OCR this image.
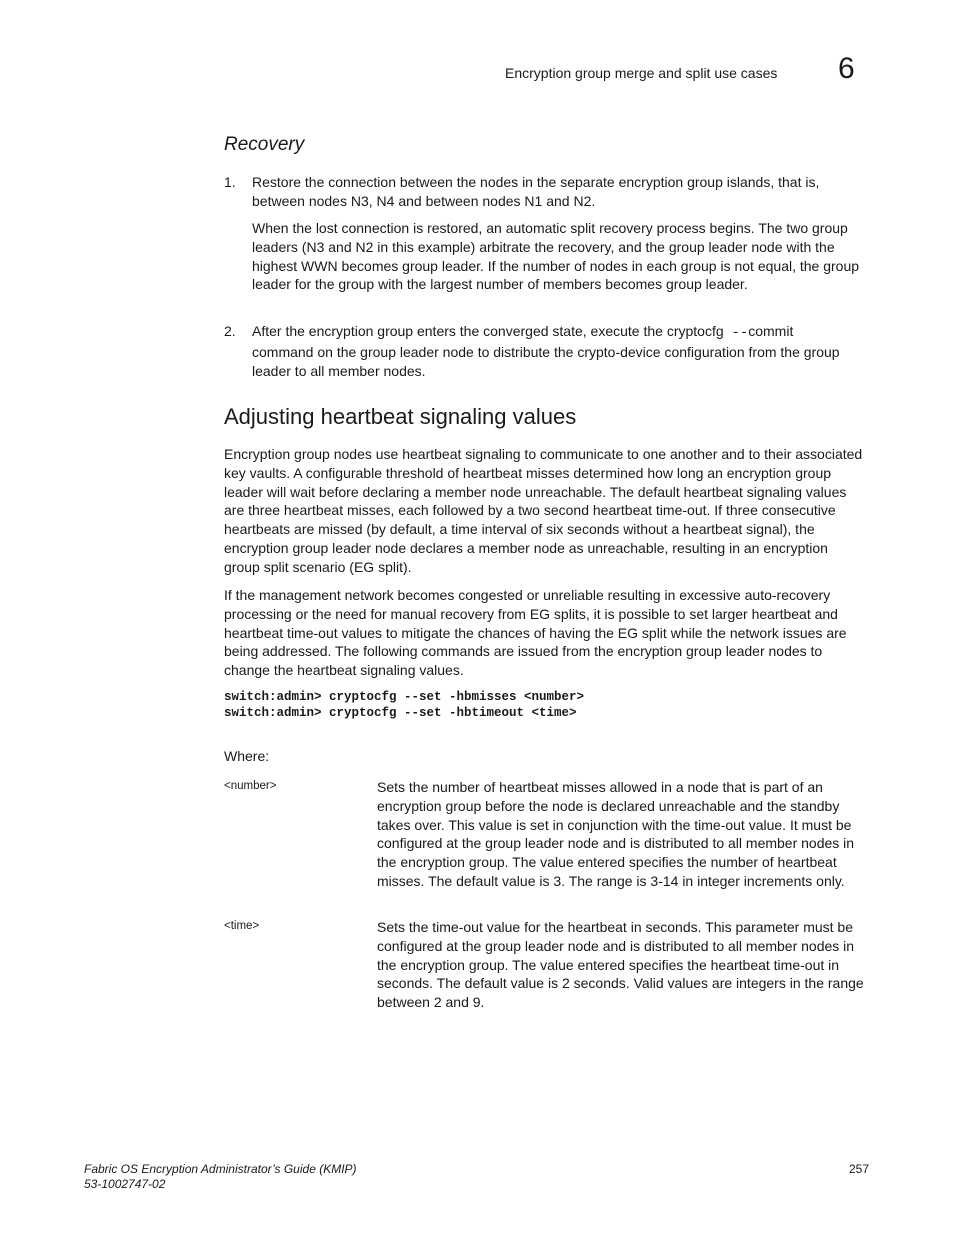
Encryption group merge and split use cases 6
Recovery
1. Restore the connection between the nodes in the separate encryption group islands, that is, between nodes N3, N4 and between nodes N1 and N2.

When the lost connection is restored, an automatic split recovery process begins. The two group leaders (N3 and N2 in this example) arbitrate the recovery, and the group leader node with the highest WWN becomes group leader. If the number of nodes in each group is not equal, the group leader for the group with the largest number of members becomes group leader.

2. After the encryption group enters the converged state, execute the cryptocfg --commit
command on the group leader node to distribute the crypto-device configuration from the group leader to all member nodes.

Adjusting heartbeat signaling values

Encryption group nodes use heartbeat signaling to communicate to one another and to their associated key vaults. A configurable threshold of heartbeat misses determined how long an encryption group leader will wait before declaring a member node unreachable. The default heartbeat signaling values are three heartbeat misses, each followed by a two second heartbeat time-out. If three consecutive heartbeats are missed (by default, a time interval of six seconds without a heartbeat signal), the encryption group leader node declares a member node as unreachable, resulting in an encryption group split scenario (EG split).

If the management network becomes congested or unreliable resulting in excessive auto-recovery processing or the need for manual recovery from EG splits, it is possible to set larger heartbeat and heartbeat time-out values to mitigate the chances of having the EG split while the network issues are being addressed. The following commands are issued from the encryption group leader nodes to change the heartbeat signaling values.

switch:admin> cryptocfg --set -hbmisses <number>
switch:admin> cryptocfg --set -hbtimeout <time>
Where:
<number>	Sets the number of heartbeat misses allowed in a node that is part of an encryption group before the node is declared unreachable and the standby takes over. This value is set in conjunction with the time-out value. It must be configured at the group leader node and is distributed to all member nodes in the encryption group. The value entered specifies the number of heartbeat misses. The default value is 3. The range is 3-14 in integer increments only.

<time>	Sets the time-out value for the heartbeat in seconds. This parameter must be configured at the group leader node and is distributed to all member nodes in the encryption group. The value entered specifies the heartbeat time-out in seconds. The default value is 2 seconds. Valid values are integers in the range between 2 and 9.

Fabric OS Encryption Administrator’s Guide (KMIP)
53-1002747-02
257
